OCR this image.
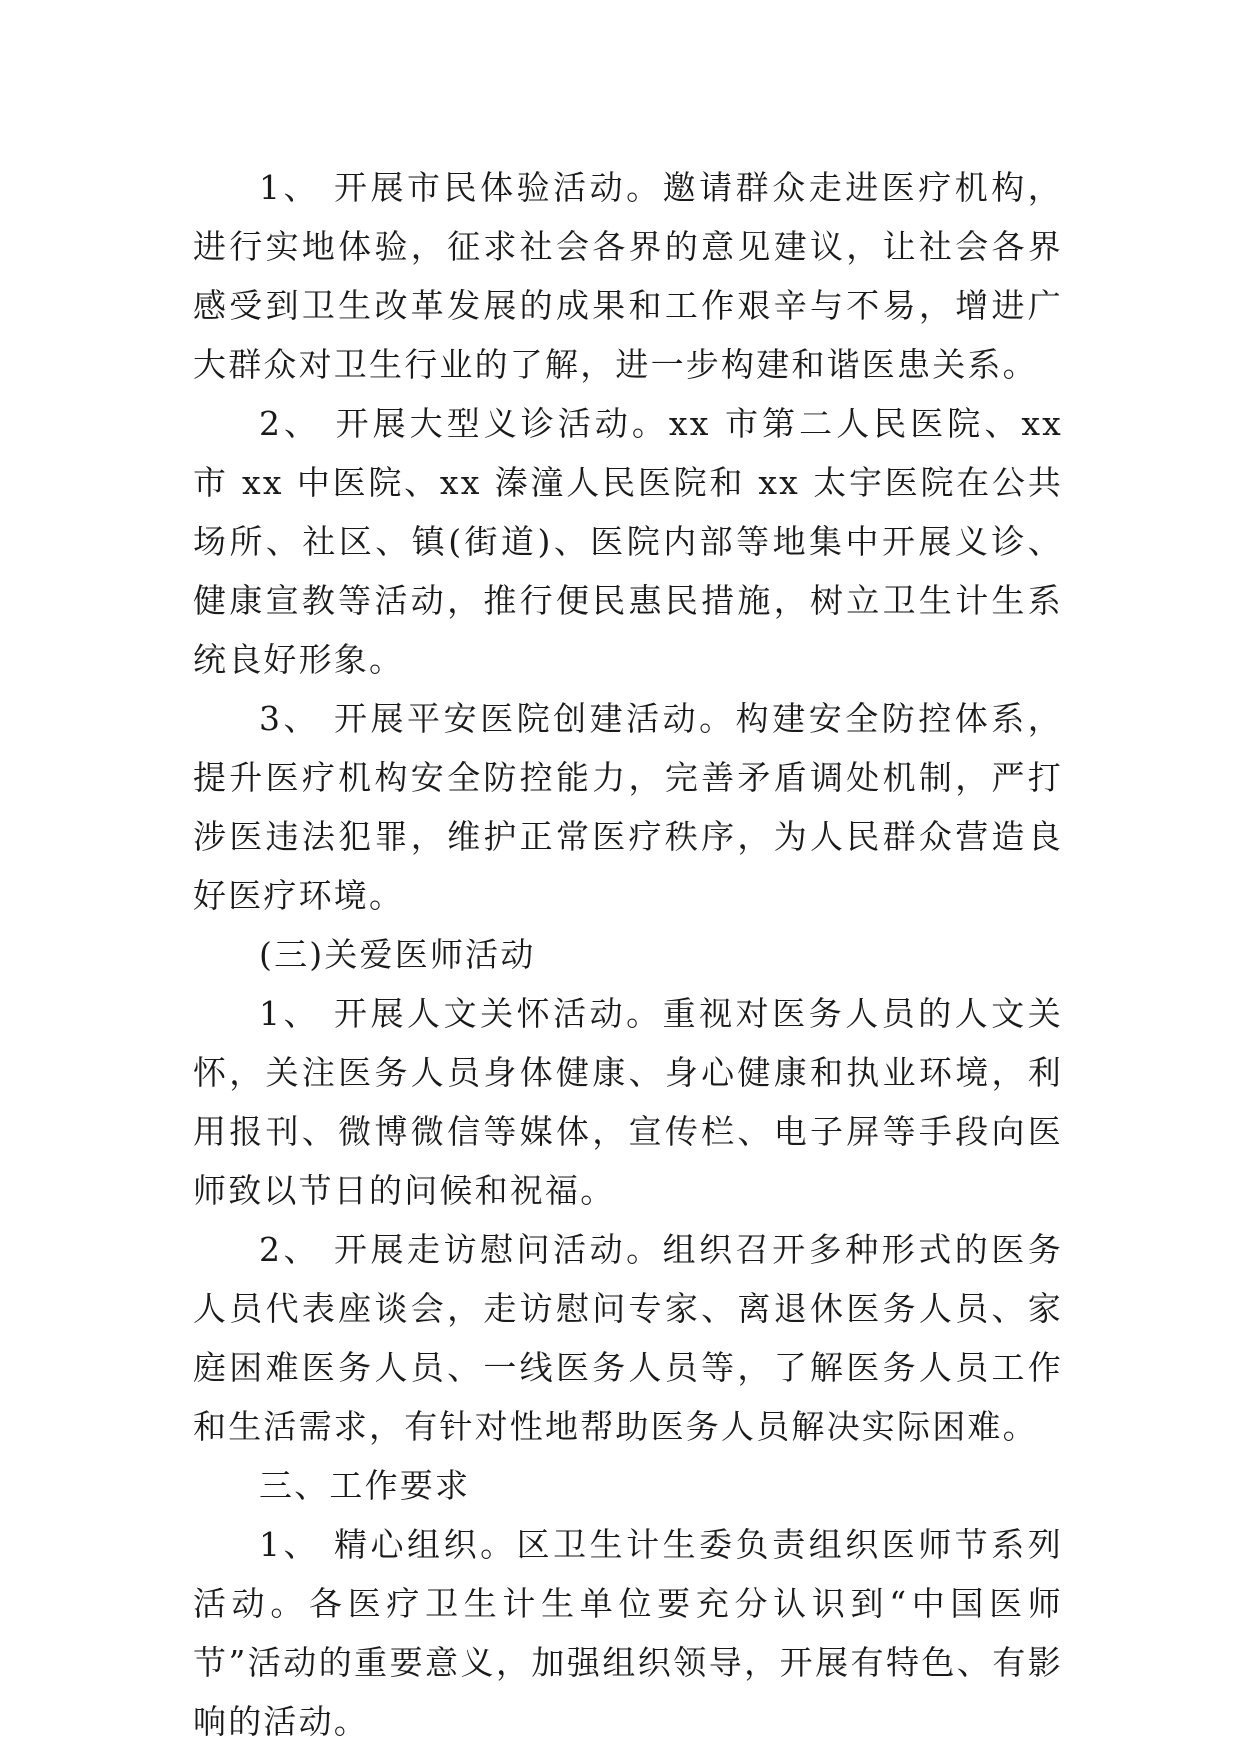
1、 开展市民体验活动。邀请群众走进医疗机构，进行实地体验，征求社会各界的意见建议，让社会各界感受到卫生改革发展的成果和工作艰辛与不易，增进广大群众对卫生行业的了解，进一步构建和谐医患关系。

2、 开展大型义诊活动。xx 市第二人民医院、xx 市 xx 中医院、xx 溱潼人民医院和 xx 太宇医院在公共场所、社区、镇(街道)、医院内部等地集中开展义诊、健康宣教等活动，推行便民惠民措施，树立卫生计生系统良好形象。

3、 开展平安医院创建活动。构建安全防控体系，提升医疗机构安全防控能力，完善矛盾调处机制，严打涉医违法犯罪，维护正常医疗秩序，为人民群众营造良好医疗环境。

(三)关爱医师活动

1、 开展人文关怀活动。重视对医务人员的人文关怀，关注医务人员身体健康、身心健康和执业环境，利用报刊、微博微信等媒体，宣传栏、电子屏等手段向医师致以节日的问候和祝福。

2、 开展走访慰问活动。组织召开多种形式的医务人员代表座谈会，走访慰问专家、离退休医务人员、家庭困难医务人员、一线医务人员等，了解医务人员工作和生活需求，有针对性地帮助医务人员解决实际困难。

三、工作要求

1、 精心组织。区卫生计生委负责组织医师节系列活动。各医疗卫生计生单位要充分认识到“中国医师节”活动的重要意义，加强组织领导，开展有特色、有影响的活动。
